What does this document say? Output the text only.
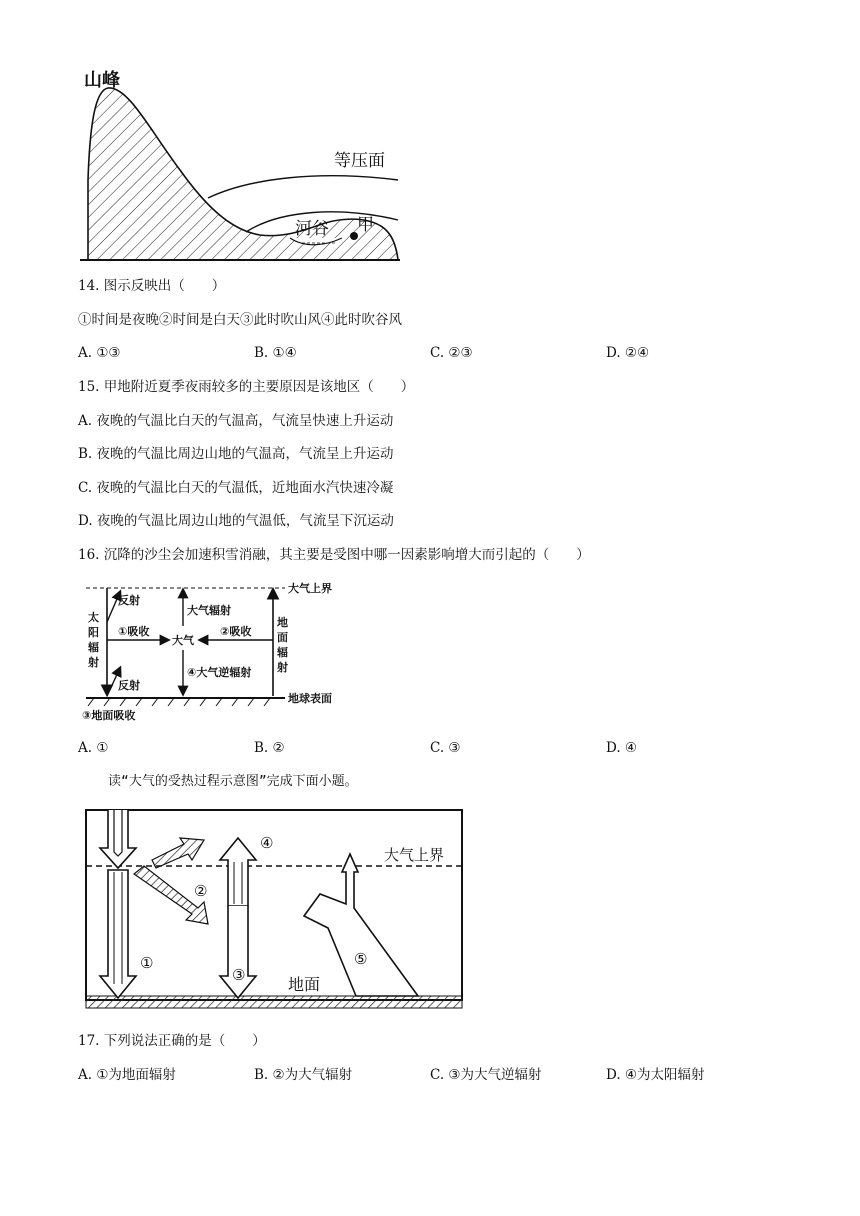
山峰
等压面
河谷 甲
14. 图示反映出（　　）
①时间是夜晚②时间是白天③此时吹山风④此时吹谷风
A. ①③	B. ①④	C. ②③	D. ②④
15. 甲地附近夏季夜雨较多的主要原因是该地区（　　）
A. 夜晚的气温比白天的气温高，气流呈快速上升运动
B. 夜晚的气温比周边山地的气温高，气流呈上升运动
C. 夜晚的气温比白天的气温低，近地面水汽快速冷凝
D. 夜晚的气温比周边山地的气温低，气流呈下沉运动
16. 沉降的沙尘会加速积雪消融，其主要是受图中哪一因素影响增大而引起的（　　）
大气上界
地球表面
太
阳
辐
射
反射
反射
①吸收
大气
大气辐射
④大气逆辐射
地
面
辐
射
②吸收
③地面吸收
A. ①	B. ②	C. ③	D. ④
读“大气的受热过程示意图”完成下面小题。
大气上界
地面
①
②
④
③
⑤
17. 下列说法正确的是（　　）
A. ①为地面辐射	B. ②为大气辐射	C. ③为大气逆辐射	D. ④为太阳辐射
